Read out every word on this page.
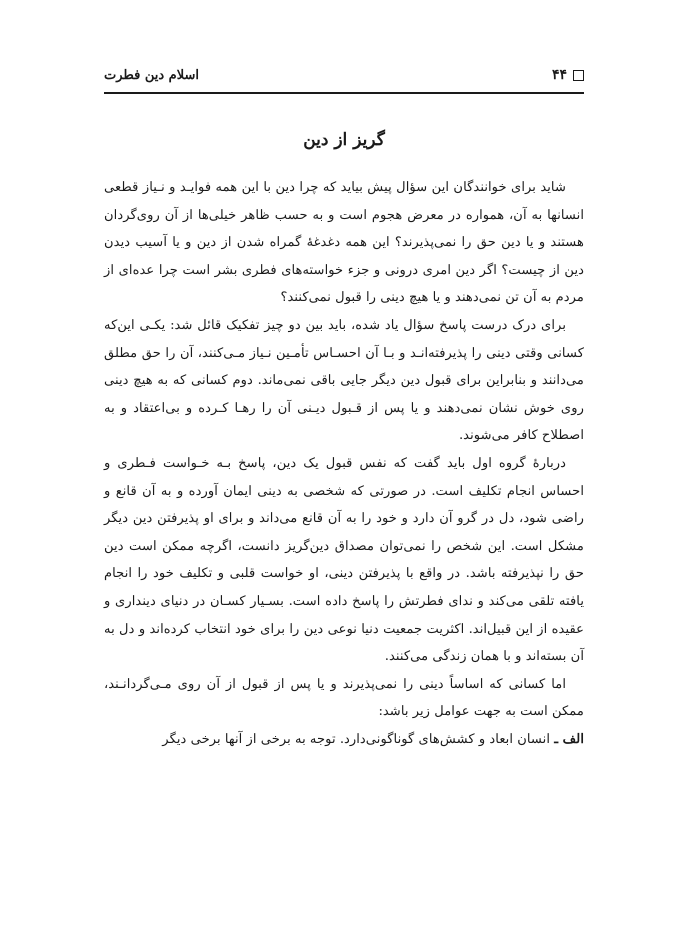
۴۴
اسلام دین فطرت
گریز از دین

شاید برای خوانندگان این سؤال پیش بیاید که چرا دین با این همه فوایـد و نـیاز قطعی انسانها به آن، همواره در معرض هجوم است و به حسب ظاهر خیلی‌ها از آن روی‌گردان هستند و یا دین حق را نمی‌پذیرند؟ این همه دغدغهٔ گمراه شدن از دین و یا آسیب دیدن دین از چیست؟ اگر دین امری درونی و جزء خواسته‌های فطری بشر است چرا عده‌ای از مردم به آن تن نمی‌دهند و یا هیچ دینی را قبول نمی‌کنند؟

برای درک درست پاسخ سؤال یاد شده، باید بین دو چیز تفکیک قائل شد: یکـی این‌که کسانی وقتی دینی را پذیرفته‌انـد و بـا آن احسـاس تأمـین نـیاز مـی‌کنند، آن را حق مطلق می‌دانند و بنابراین برای قبول دین دیگر جایی باقی نمی‌ماند. دوم کسانی که به هیچ دینی روی خوش نشان نمی‌دهند و یا پس از قـبول دیـنی آن را رهـا کـرده و بی‌اعتقاد و به اصطلاح کافر می‌شوند.

دربارهٔ گروه اول باید گفت که نفس قبول یک دین، پاسخ بـه خـواست فـطری و احساس انجام تکلیف است. در صورتی که شخصی به دینی ایمان آورده و به آن قانع و راضی شود، دل در گرو آن دارد و خود را به آن قانع می‌داند و برای او پذیرفتن دین دیگر مشکل است. این شخص را نمی‌توان مصداق دین‌گریز دانست، اگرچه ممکن است دین حق را نپذیرفته باشد. در واقع با پذیرفتن دینی، او خواست قلبی و تکلیف خود را انجام یافته تلقی می‌کند و ندای فطرتش را پاسخ داده است. بسـیار کسـان در دنیای دینداری و عقیده از این قبیل‌اند. اکثریت جمعیت دنیا نوعی دین را برای خود انتخاب کرده‌اند و دل به آن بسته‌اند و با همان زندگی می‌کنند.

اما کسانی که اساساً دینی را نمی‌پذیرند و یا پس از قبول از آن روی مـی‌گردانـند، ممکن است به جهت عوامل زیر باشد:

الف ـ انسان ابعاد و کشش‌های گوناگونی‌دارد. توجه به برخی از آنها برخی دیگر
